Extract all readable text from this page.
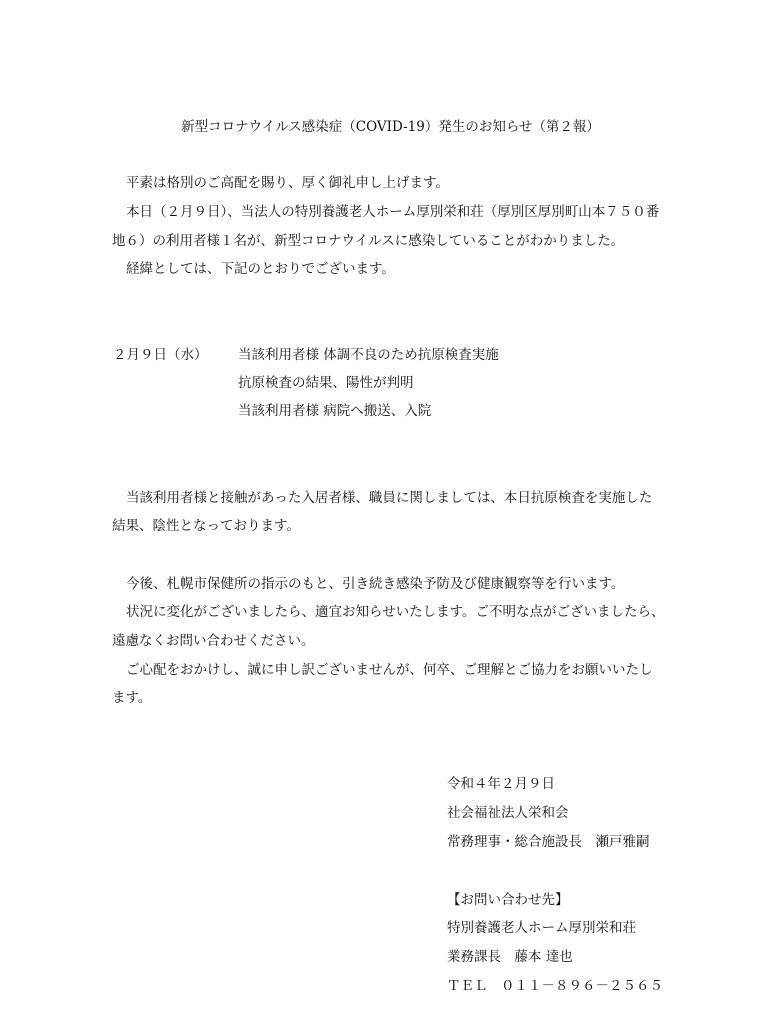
新型コロナウイルス感染症（COVID-19）発生のお知らせ（第２報）
平素は格別のご高配を賜り、厚く御礼申し上げます。
本日（２月９日）、当法人の特別養護老人ホーム厚別栄和荘（厚別区厚別町山本７５０番
地６）の利用者様１名が、新型コロナウイルスに感染していることがわかりました。
経緯としては、下記のとおりでございます。
２月９日（水） 当該利用者様 体調不良のため抗原検査実施
抗原検査の結果、陽性が判明
当該利用者様 病院へ搬送、入院
当該利用者様と接触があった入居者様、職員に関しましては、本日抗原検査を実施した
結果、陰性となっております。
今後、札幌市保健所の指示のもと、引き続き感染予防及び健康観察等を行います。
状況に変化がございましたら、適宜お知らせいたします。ご不明な点がございましたら、
遠慮なくお問い合わせください。
ご心配をおかけし、誠に申し訳ございませんが、何卒、ご理解とご協力をお願いいたし
ます。
令和４年２月９日
社会福祉法人栄和会
常務理事・総合施設長　瀬戸雅嗣
【お問い合わせ先】
特別養護老人ホーム厚別栄和荘
業務課長　藤本 達也
ＴＥＬ　０１１－８９６－２５６５
